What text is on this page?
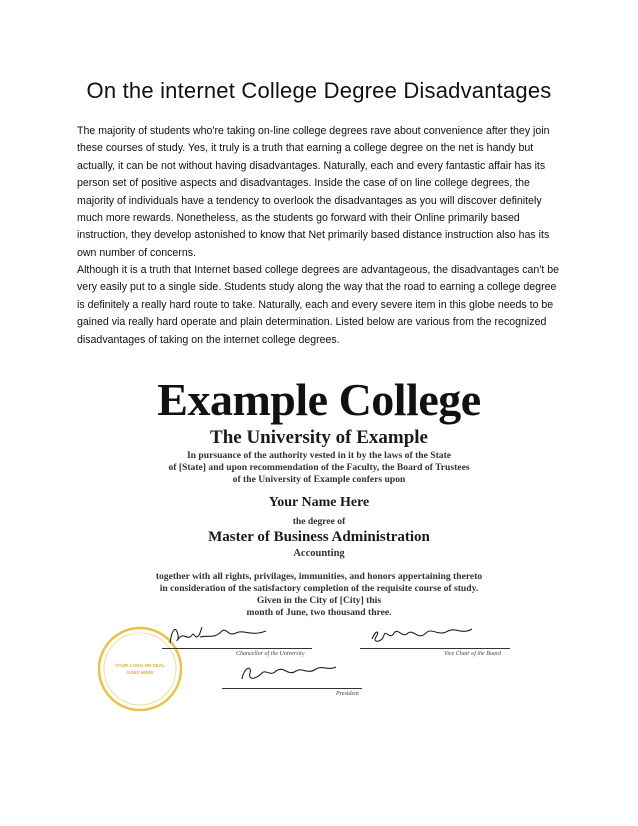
On the internet College Degree Disadvantages
The majority of students who're taking on-line college degrees rave about convenience after they join these courses of study. Yes, it truly is a truth that earning a college degree on the net is handy but actually, it can be not without having disadvantages. Naturally, each and every fantastic affair has its person set of positive aspects and disadvantages. Inside the case of on line college degrees, the majority of individuals have a tendency to overlook the disadvantages as you will discover definitely much more rewards. Nonetheless, as the students go forward with their Online primarily based instruction, they develop astonished to know that Net primarily based distance instruction also has its own number of concerns.
Although it is a truth that Internet based college degrees are advantageous, the disadvantages can't be very easily put to a single side. Students study along the way that the road to earning a college degree is definitely a really hard route to take. Naturally, each and every severe item in this globe needs to be gained via really hard operate and plain determination. Listed below are various from the recognized disadvantages of taking on the internet college degrees.
Example College
The University of Example
In pursuance of the authority vested in it by the laws of the State
of [State] and upon recommendation of the Faculty, the Board of Trustees
of the University of Example confers upon
Your Name Here
the degree of
Master of Business Administration
Accounting
together with all rights, privilages, immunities, and honors appertaining thereto
in consideration of the satisfactory completion of the requisite course of study.
Given in the City of [City] this
month of June, two thousand three.
YOUR LOGO OR SEAL
GOES HERE
Chancellor of the University	Vice Chair of the Board
President
